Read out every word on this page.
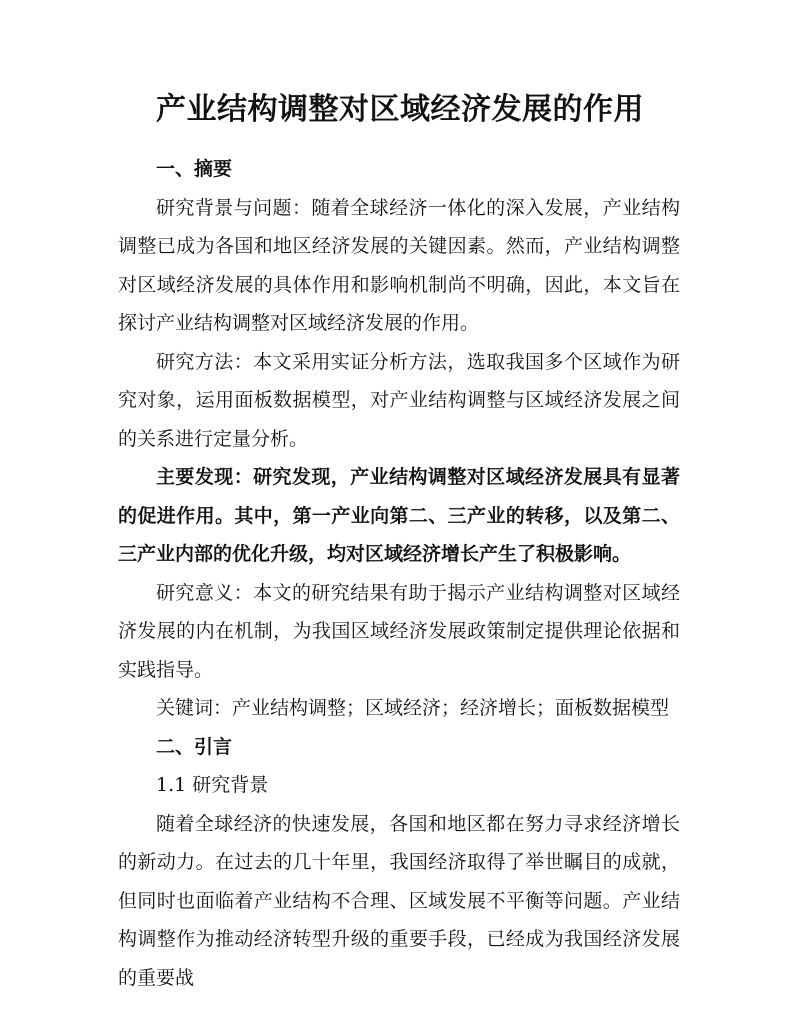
产业结构调整对区域经济发展的作用

一、摘要

研究背景与问题：随着全球经济一体化的深入发展，产业结构调整已成为各国和地区经济发展的关键因素。然而，产业结构调整对区域经济发展的具体作用和影响机制尚不明确，因此，本文旨在探讨产业结构调整对区域经济发展的作用。

研究方法：本文采用实证分析方法，选取我国多个区域作为研究对象，运用面板数据模型，对产业结构调整与区域经济发展之间的关系进行定量分析。

主要发现：研究发现，产业结构调整对区域经济发展具有显著的促进作用。其中，第一产业向第二、三产业的转移，以及第二、三产业内部的优化升级，均对区域经济增长产生了积极影响。

研究意义：本文的研究结果有助于揭示产业结构调整对区域经济发展的内在机制，为我国区域经济发展政策制定提供理论依据和实践指导。

关键词：产业结构调整；区域经济；经济增长；面板数据模型

二、引言

1.1 研究背景

随着全球经济的快速发展，各国和地区都在努力寻求经济增长的新动力。在过去的几十年里，我国经济取得了举世瞩目的成就，但同时也面临着产业结构不合理、区域发展不平衡等问题。产业结构调整作为推动经济转型升级的重要手段，已经成为我国经济发展的重要战
